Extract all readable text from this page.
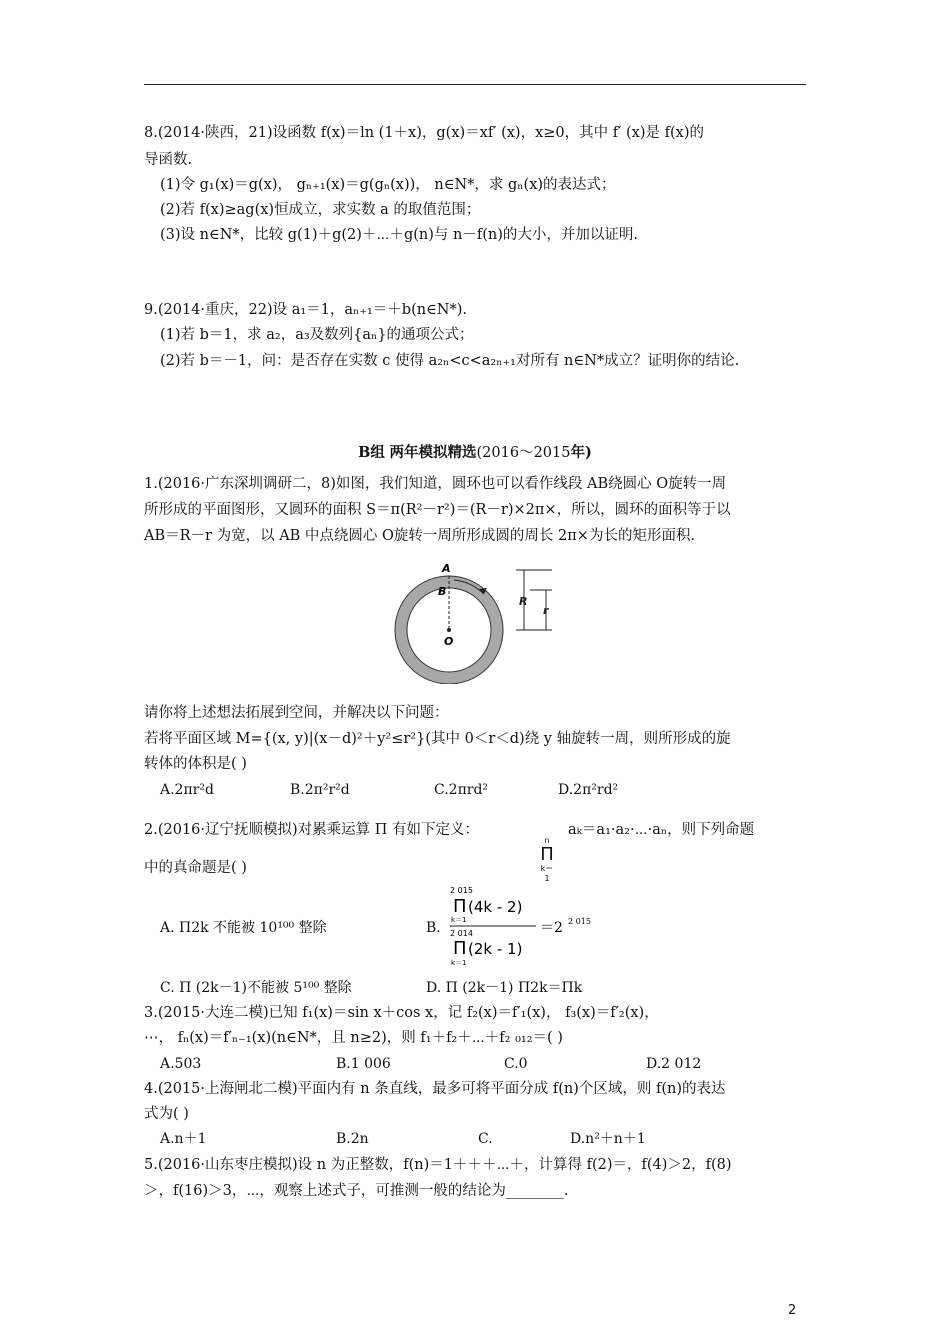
8.(2014·陕西，21)设函数 f(x)＝ln (1＋x)，g(x)＝xf′ (x)，x≥0，其中 f′ (x)是 f(x)的
导函数.
(1)令 g₁(x)＝g(x)， gₙ₊₁(x)＝g(gₙ(x))， n∈N*，求 gₙ(x)的表达式；
(2)若 f(x)≥ag(x)恒成立，求实数 a 的取值范围；
(3)设 n∈N*，比较 g(1)＋g(2)＋⋯＋g(n)与 n－f(n)的大小，并加以证明.
9.(2014·重庆，22)设 a₁＝1，aₙ₊₁＝＋b(n∈N*).
(1)若 b＝1，求 a₂，a₃及数列{aₙ}的通项公式；
(2)若 b＝－1，问：是否存在实数 c 使得 a₂ₙ<c<a₂ₙ₊₁对所有 n∈N*成立？证明你的结论.
B组 两年模拟精选(2016～2015年)
1.(2016·广东深圳调研二，8)如图，我们知道，圆环也可以看作线段 AB绕圆心 O旋转一周
所形成的平面图形，又圆环的面积 S＝π(R²－r²)＝(R－r)×2π×，所以，圆环的面积等于以
AB＝R－r 为宽，以 AB 中点绕圆心 O旋转一周所形成圆的周长 2π×为长的矩形面积.
A
B
O
R
r
请你将上述想法拓展到空间，并解决以下问题：
若将平面区域 M={(x, y)|(x－d)²＋y²≤r²}(其中 0＜r＜d)绕 y 轴旋转一周，则所形成的旋
转体的体积是( )
A.2πr²d	B.2π²r²d	C.2πrd²	D.2π²rd²
2.(2016·辽宁抚顺模拟)对累乘运算 Π 有如下定义：
n
Π
k＝1
aₖ＝a₁·a₂·⋯·aₙ，则下列命题
中的真命题是( )
A. Π2k 不能被 10¹⁰⁰ 整除	B.
2 015
Π
k＝1
(4k - 2)
2 014
Π
k＝1
(2k - 1)
＝2 2 015
C. Π (2k－1)不能被 5¹⁰⁰ 整除	D. Π (2k－1) Π2k＝Πk
3.(2015·大连二模)已知 f₁(x)＝sin x＋cos x，记 f₂(x)＝f′₁(x)， f₃(x)＝f′₂(x)，
⋯， fₙ(x)＝f′ₙ₋₁(x)(n∈N*，且 n≥2)，则 f₁＋f₂＋⋯＋f₂ ₀₁₂＝( )
A.503	B.1 006	C.0	D.2 012
4.(2015·上海闸北二模)平面内有 n 条直线，最多可将平面分成 f(n)个区域，则 f(n)的表达
式为( )
A.n＋1	B.2n	C.	D.n²＋n＋1
5.(2016·山东枣庄模拟)设 n 为正整数，f(n)＝1＋＋＋⋯＋，计算得 f(2)＝，f(4)＞2，f(8)
＞，f(16)＞3，⋯，观察上述式子，可推测一般的结论为________.
2
